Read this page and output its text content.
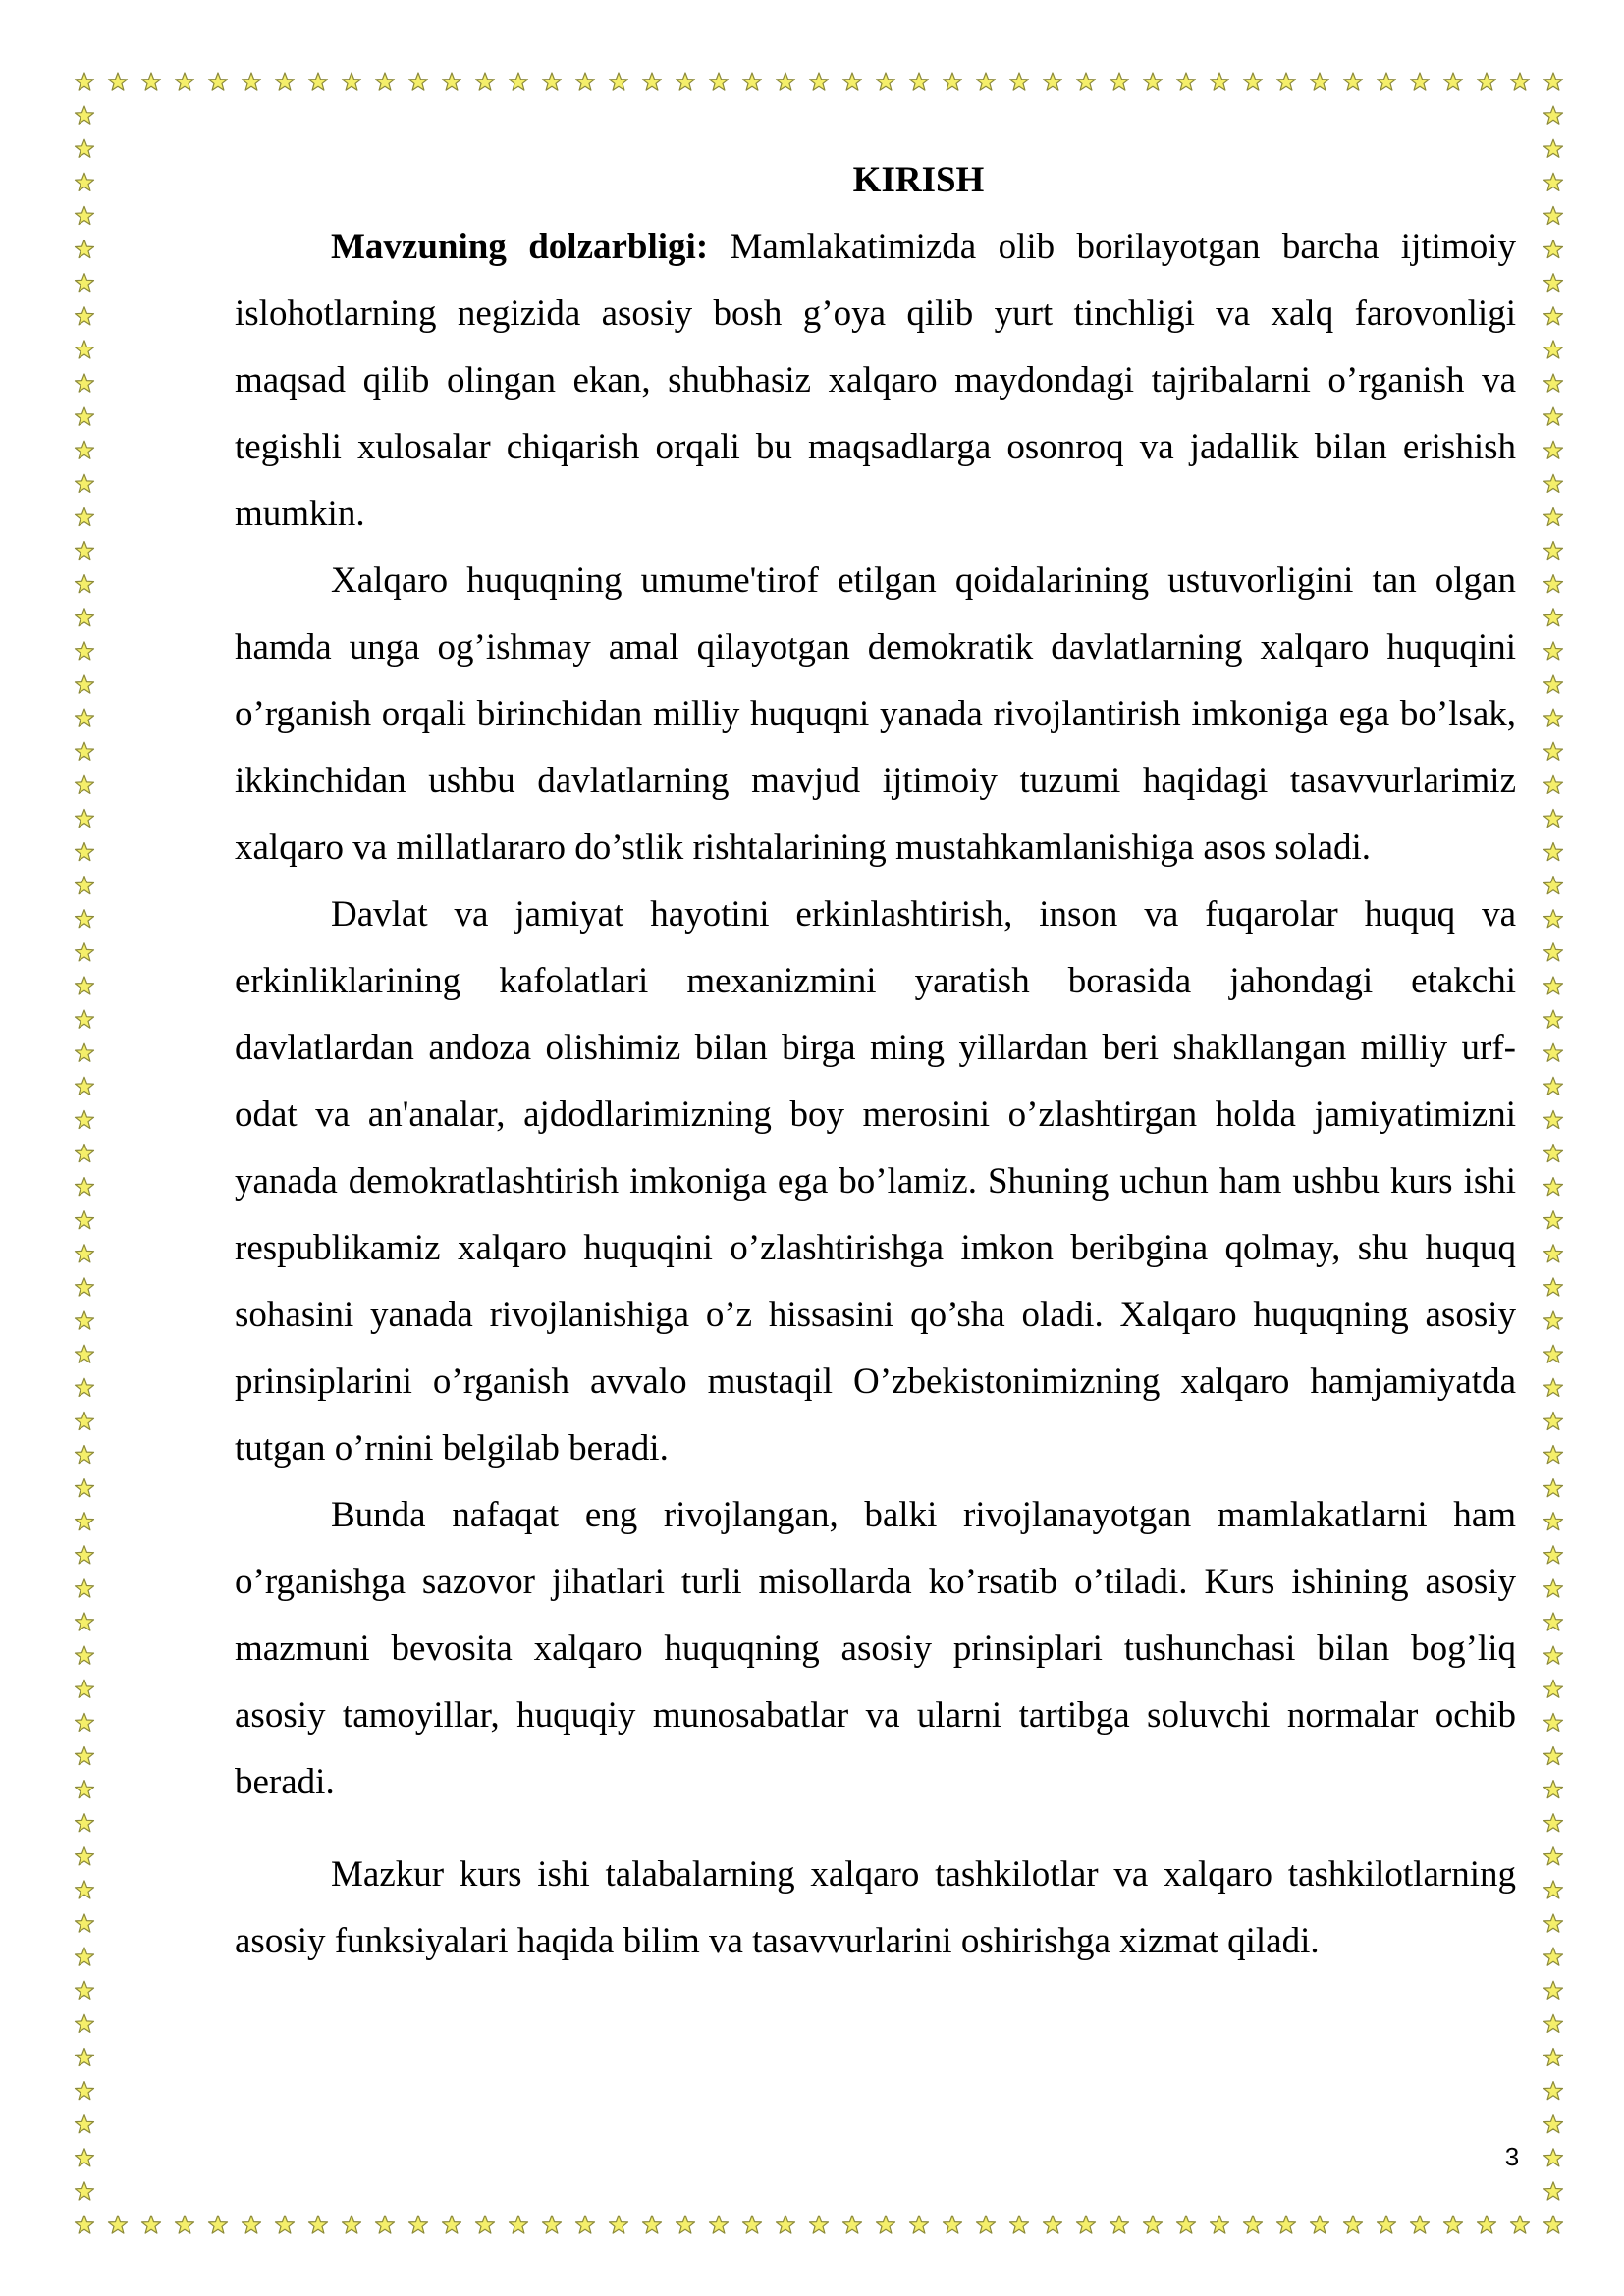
KIRISH

Mavzuning dolzarbligi: Mamlakatimizda olib borilayotgan barcha ijtimoiy islohotlarning negizida asosiy bosh g’oya qilib yurt tinchligi va xalq farovonligi maqsad qilib olingan ekan, shubhasiz xalqaro maydondagi tajribalarni o’rganish va tegishli xulosalar chiqarish orqali bu maqsadlarga osonroq va jadallik bilan erishish mumkin.

Xalqaro huquqning umume'tirof etilgan qoidalarining ustuvorligini tan olgan hamda unga og’ishmay amal qilayotgan demokratik davlatlarning xalqaro huquqini o’rganish orqali birinchidan milliy huquqni yanada rivojlantirish imkoniga ega bo’lsak, ikkinchidan ushbu davlatlarning mavjud ijtimoiy tuzumi haqidagi tasavvurlarimiz xalqaro va millatlararo do’stlik rishtalarining mustahkamlanishiga asos soladi.

Davlat va jamiyat hayotini erkinlashtirish, inson va fuqarolar huquq va erkinliklarining kafolatlari mexanizmini yaratish borasida jahondagi etakchi davlatlardan andoza olishimiz bilan birga ming yillardan beri shakllangan milliy urf-odat va an'analar, ajdodlarimizning boy merosini o’zlashtirgan holda jamiyatimizni yanada demokratlashtirish imkoniga ega bo’lamiz. Shuning uchun ham ushbu kurs ishi respublikamiz xalqaro huquqini o’zlashtirishga imkon beribgina qolmay, shu huquq sohasini yanada rivojlanishiga o’z hissasini qo’sha oladi. Xalqaro huquqning asosiy prinsiplarini o’rganish avvalo mustaqil O’zbekistonimizning xalqaro hamjamiyatda tutgan o’rnini belgilab beradi.

Bunda nafaqat eng rivojlangan, balki rivojlanayotgan mamlakatlarni ham o’rganishga sazovor jihatlari turli misollarda ko’rsatib o’tiladi. Kurs ishining asosiy mazmuni bevosita xalqaro huquqning asosiy prinsiplari tushunchasi bilan bog’liq asosiy tamoyillar, huquqiy munosabatlar va ularni tartibga soluvchi normalar ochib beradi.

Mazkur kurs ishi talabalarning xalqaro tashkilotlar va xalqaro tashkilotlarning asosiy funksiyalari haqida bilim va tasavvurlarini oshirishga xizmat qiladi.

3
